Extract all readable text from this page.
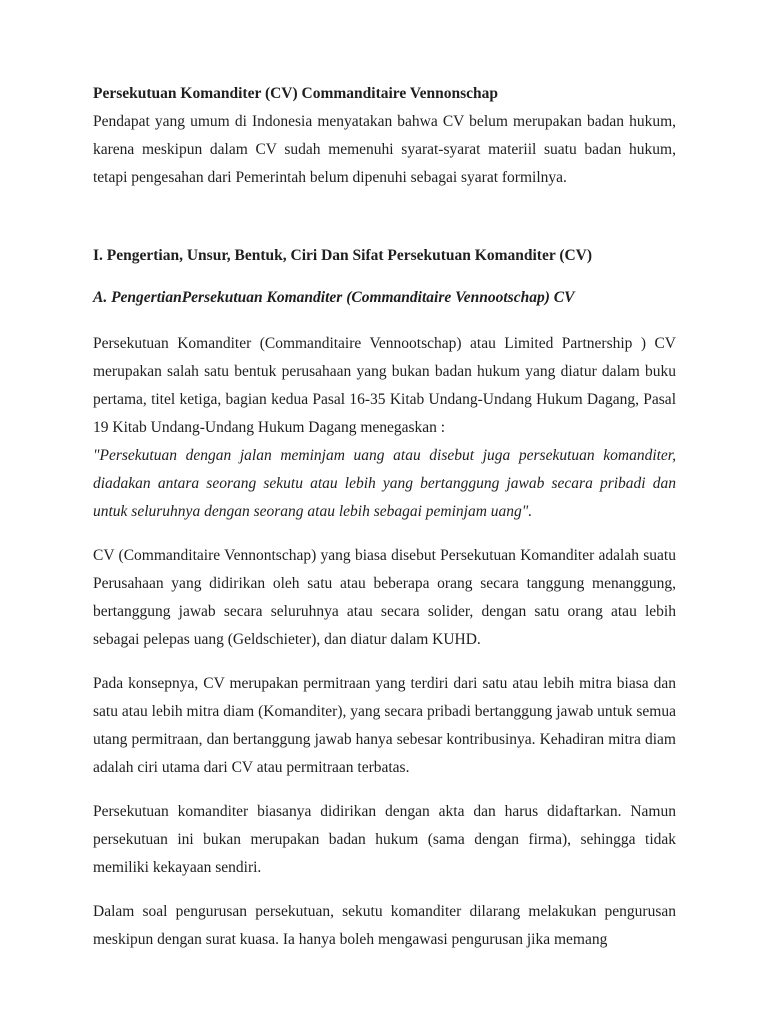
Persekutuan Komanditer (CV) Commanditaire Vennonschap

Pendapat yang umum di Indonesia menyatakan bahwa CV belum merupakan badan hukum, karena meskipun dalam CV sudah memenuhi syarat-syarat materiil suatu badan hukum, tetapi pengesahan dari Pemerintah belum dipenuhi sebagai syarat formilnya.

I. Pengertian, Unsur, Bentuk, Ciri Dan Sifat Persekutuan Komanditer (CV)
A. PengertianPersekutuan Komanditer (Commanditaire Vennootschap) CV

Persekutuan Komanditer (Commanditaire Vennootschap) atau Limited Partnership ) CV merupakan salah satu bentuk perusahaan yang bukan badan hukum yang diatur dalam buku pertama, titel ketiga, bagian kedua Pasal 16-35 Kitab Undang-Undang Hukum Dagang, Pasal 19 Kitab Undang-Undang Hukum Dagang menegaskan :

"Persekutuan dengan jalan meminjam uang atau disebut juga persekutuan komanditer, diadakan antara seorang sekutu atau lebih yang bertanggung jawab secara pribadi dan untuk seluruhnya dengan seorang atau lebih sebagai peminjam uang".

CV (Commanditaire Vennontschap) yang biasa disebut Persekutuan Komanditer adalah suatu Perusahaan yang didirikan oleh satu atau beberapa orang secara tanggung menanggung, bertanggung jawab secara seluruhnya atau secara solider, dengan satu orang atau lebih sebagai pelepas uang (Geldschieter), dan diatur dalam KUHD.

Pada konsepnya, CV merupakan permitraan yang terdiri dari satu atau lebih mitra biasa dan satu atau lebih mitra diam (Komanditer), yang secara pribadi bertanggung jawab untuk semua utang permitraan, dan bertanggung jawab hanya sebesar kontribusinya. Kehadiran mitra diam adalah ciri utama dari CV atau permitraan terbatas.

Persekutuan komanditer biasanya didirikan dengan akta dan harus didaftarkan. Namun persekutuan ini bukan merupakan badan hukum (sama dengan firma), sehingga tidak memiliki kekayaan sendiri.

Dalam soal pengurusan persekutuan, sekutu komanditer dilarang melakukan pengurusan meskipun dengan surat kuasa. Ia hanya boleh mengawasi pengurusan jika memang
